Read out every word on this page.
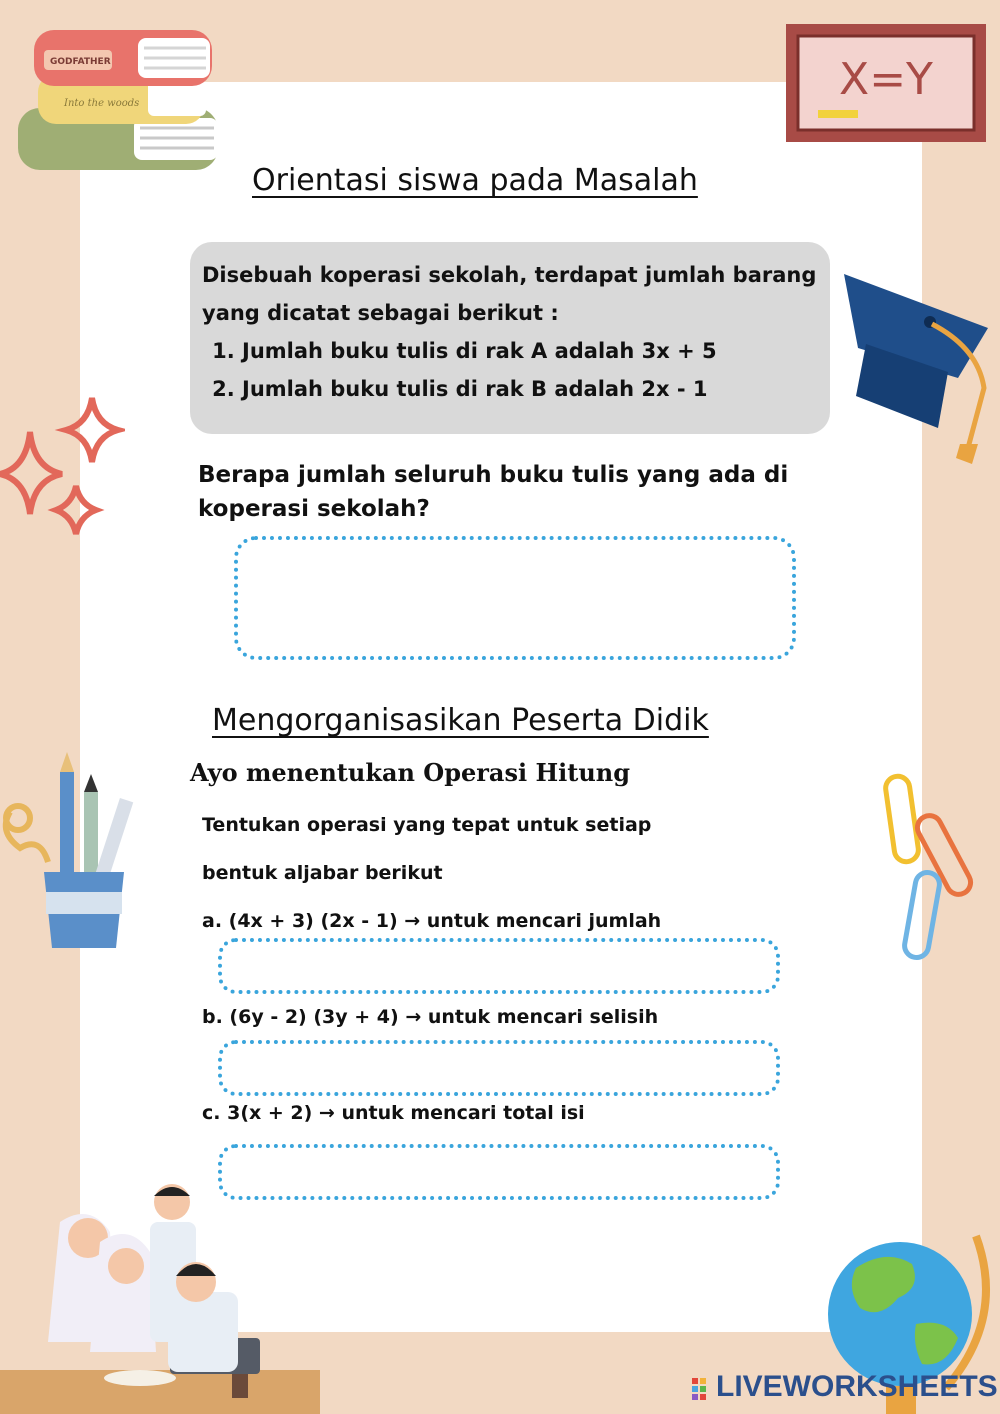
Into the woods
GODFATHER	X=Y
Orientasi siswa pada Masalah
Disebuah koperasi sekolah, terdapat jumlah barang yang dicatat sebagai berikut :
1. Jumlah buku tulis di rak A adalah 3x + 5
2. Jumlah buku tulis di rak B adalah 2x - 1
Berapa jumlah seluruh buku tulis yang ada di koperasi sekolah?
Mengorganisasikan Peserta Didik
Ayo menentukan Operasi Hitung
Tentukan operasi yang tepat untuk setiap
bentuk aljabar berikut
a. (4x + 3) (2x - 1) → untuk mencari jumlah
b. (6y - 2) (3y + 4) → untuk mencari selisih
c. 3(x + 2) → untuk mencari total isi
LIVEWORKSHEETS
